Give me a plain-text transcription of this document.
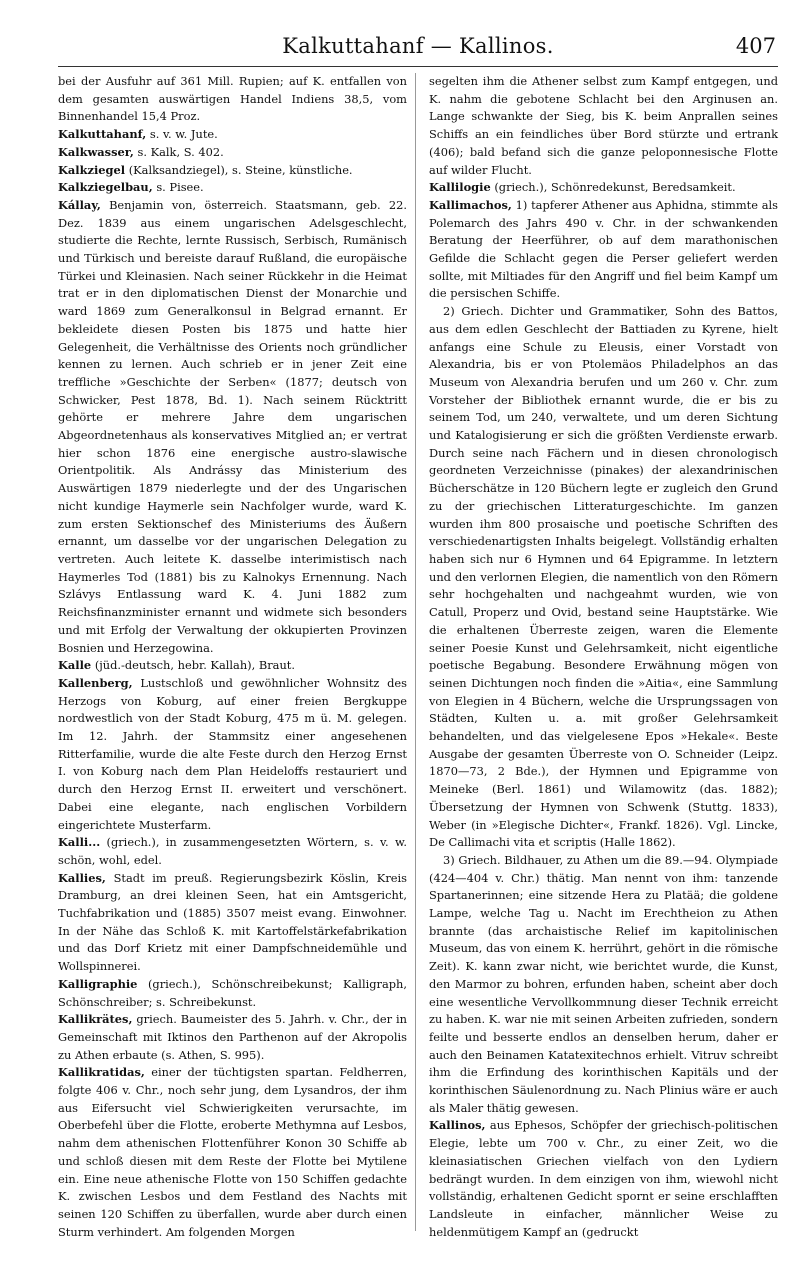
Kalkuttahanf — Kallinos.	407

bei der Ausfuhr auf 361 Mill. Rupien; auf K. entfallen von dem gesamten auswärtigen Handel Indiens 38,5, vom Binnenhandel 15,4 Proz.

Kalkuttahanf, s. v. w. Jute.

Kalkwasser, s. Kalk, S. 402.

Kalkziegel (Kalksandziegel), s. Steine, künstliche.

Kalkziegelbau, s. Pisee.

Kállay, Benjamin von, österreich. Staatsmann, geb. 22. Dez. 1839 aus einem ungarischen Adelsgeschlecht, studierte die Rechte, lernte Russisch, Serbisch, Rumänisch und Türkisch und bereiste darauf Rußland, die europäische Türkei und Kleinasien. Nach seiner Rückkehr in die Heimat trat er in den diplomatischen Dienst der Monarchie und ward 1869 zum Generalkonsul in Belgrad ernannt. Er bekleidete diesen Posten bis 1875 und hatte hier Gelegenheit, die Verhältnisse des Orients noch gründlicher kennen zu lernen. Auch schrieb er in jener Zeit eine treffliche »Geschichte der Serben« (1877; deutsch von Schwicker, Pest 1878, Bd. 1). Nach seinem Rücktritt gehörte er mehrere Jahre dem ungarischen Abgeordnetenhaus als konservatives Mitglied an; er vertrat hier schon 1876 eine energische austro-slawische Orientpolitik. Als Andrássy das Ministerium des Auswärtigen 1879 niederlegte und der des Ungarischen nicht kundige Haymerle sein Nachfolger wurde, ward K. zum ersten Sektionschef des Ministeriums des Äußern ernannt, um dasselbe vor der ungarischen Delegation zu vertreten. Auch leitete K. dasselbe interimistisch nach Haymerles Tod (1881) bis zu Kalnokys Ernennung. Nach Szlávys Entlassung ward K. 4. Juni 1882 zum Reichsfinanzminister ernannt und widmete sich besonders und mit Erfolg der Verwaltung der okkupierten Provinzen Bosnien und Herzegowina.

Kalle (jüd.-deutsch, hebr. Kallah), Braut.

Kallenberg, Lustschloß und gewöhnlicher Wohnsitz des Herzogs von Koburg, auf einer freien Bergkuppe nordwestlich von der Stadt Koburg, 475 m ü. M. gelegen. Im 12. Jahrh. der Stammsitz einer angesehenen Ritterfamilie, wurde die alte Feste durch den Herzog Ernst I. von Koburg nach dem Plan Heideloffs restauriert und durch den Herzog Ernst II. erweitert und verschönert. Dabei eine elegante, nach englischen Vorbildern eingerichtete Musterfarm.

Kalli... (griech.), in zusammengesetzten Wörtern, s. v. w. schön, wohl, edel.

Kallies, Stadt im preuß. Regierungsbezirk Köslin, Kreis Dramburg, an drei kleinen Seen, hat ein Amtsgericht, Tuchfabrikation und (1885) 3507 meist evang. Einwohner. In der Nähe das Schloß K. mit Kartoffelstärkefabrikation und das Dorf Krietz mit einer Dampfschneidemühle und Wollspinnerei.

Kalligraphie (griech.), Schönschreibekunst; Kalligraph, Schönschreiber; s. Schreibekunst.

Kallikrätes, griech. Baumeister des 5. Jahrh. v. Chr., der in Gemeinschaft mit Iktinos den Parthenon auf der Akropolis zu Athen erbaute (s. Athen, S. 995).

Kallikratidas, einer der tüchtigsten spartan. Feldherren, folgte 406 v. Chr., noch sehr jung, dem Lysandros, der ihm aus Eifersucht viel Schwierigkeiten verursachte, im Oberbefehl über die Flotte, eroberte Methymna auf Lesbos, nahm dem athenischen Flottenführer Konon 30 Schiffe ab und schloß diesen mit dem Reste der Flotte bei Mytilene ein. Eine neue athenische Flotte von 150 Schiffen gedachte K. zwischen Lesbos und dem Festland des Nachts mit seinen 120 Schiffen zu überfallen, wurde aber durch einen Sturm verhindert. Am folgenden Morgen

segelten ihm die Athener selbst zum Kampf entgegen, und K. nahm die gebotene Schlacht bei den Arginusen an. Lange schwankte der Sieg, bis K. beim Anprallen seines Schiffs an ein feindliches über Bord stürzte und ertrank (406); bald befand sich die ganze peloponnesische Flotte auf wilder Flucht.

Kallilogie (griech.), Schönredekunst, Beredsamkeit.

Kallimachos, 1) tapferer Athener aus Aphidna, stimmte als Polemarch des Jahrs 490 v. Chr. in der schwankenden Beratung der Heerführer, ob auf dem marathonischen Gefilde die Schlacht gegen die Perser geliefert werden sollte, mit Miltiades für den Angriff und fiel beim Kampf um die persischen Schiffe.

2) Griech. Dichter und Grammatiker, Sohn des Battos, aus dem edlen Geschlecht der Battiaden zu Kyrene, hielt anfangs eine Schule zu Eleusis, einer Vorstadt von Alexandria, bis er von Ptolemäos Philadelphos an das Museum von Alexandria berufen und um 260 v. Chr. zum Vorsteher der Bibliothek ernannt wurde, die er bis zu seinem Tod, um 240, verwaltete, und um deren Sichtung und Katalogisierung er sich die größten Verdienste erwarb. Durch seine nach Fächern und in diesen chronologisch geordneten Verzeichnisse (pinakes) der alexandrinischen Bücherschätze in 120 Büchern legte er zugleich den Grund zu der griechischen Litteraturgeschichte. Im ganzen wurden ihm 800 prosaische und poetische Schriften des verschiedenartigsten Inhalts beigelegt. Vollständig erhalten haben sich nur 6 Hymnen und 64 Epigramme. In letztern und den verlornen Elegien, die namentlich von den Römern sehr hochgehalten und nachgeahmt wurden, wie von Catull, Properz und Ovid, bestand seine Hauptstärke. Wie die erhaltenen Überreste zeigen, waren die Elemente seiner Poesie Kunst und Gelehrsamkeit, nicht eigentliche poetische Begabung. Besondere Erwähnung mögen von seinen Dichtungen noch finden die »Aitia«, eine Sammlung von Elegien in 4 Büchern, welche die Ursprungssagen von Städten, Kulten u. a. mit großer Gelehrsamkeit behandelten, und das vielgelesene Epos »Hekale«. Beste Ausgabe der gesamten Überreste von O. Schneider (Leipz. 1870—73, 2 Bde.), der Hymnen und Epigramme von Meineke (Berl. 1861) und Wilamowitz (das. 1882); Übersetzung der Hymnen von Schwenk (Stuttg. 1833), Weber (in »Elegische Dichter«, Frankf. 1826). Vgl. Lincke, De Callimachi vita et scriptis (Halle 1862).

3) Griech. Bildhauer, zu Athen um die 89.—94. Olympiade (424—404 v. Chr.) thätig. Man nennt von ihm: tanzende Spartanerinnen; eine sitzende Hera zu Platää; die goldene Lampe, welche Tag u. Nacht im Erechtheion zu Athen brannte (das archaistische Relief im kapitolinischen Museum, das von einem K. herrührt, gehört in die römische Zeit). K. kann zwar nicht, wie berichtet wurde, die Kunst, den Marmor zu bohren, erfunden haben, scheint aber doch eine wesentliche Vervollkommnung dieser Technik erreicht zu haben. K. war nie mit seinen Arbeiten zufrieden, sondern feilte und besserte endlos an denselben herum, daher er auch den Beinamen Katatexitechnos erhielt. Vitruv schreibt ihm die Erfindung des korinthischen Kapitäls und der korinthischen Säulenordnung zu. Nach Plinius wäre er auch als Maler thätig gewesen.

Kallinos, aus Ephesos, Schöpfer der griechisch-politischen Elegie, lebte um 700 v. Chr., zu einer Zeit, wo die kleinasiatischen Griechen vielfach von den Lydiern bedrängt wurden. In dem einzigen von ihm, wiewohl nicht vollständig, erhaltenen Gedicht spornt er seine erschlafften Landsleute in einfacher, männlicher Weise zu heldenmütigem Kampf an (gedruckt
